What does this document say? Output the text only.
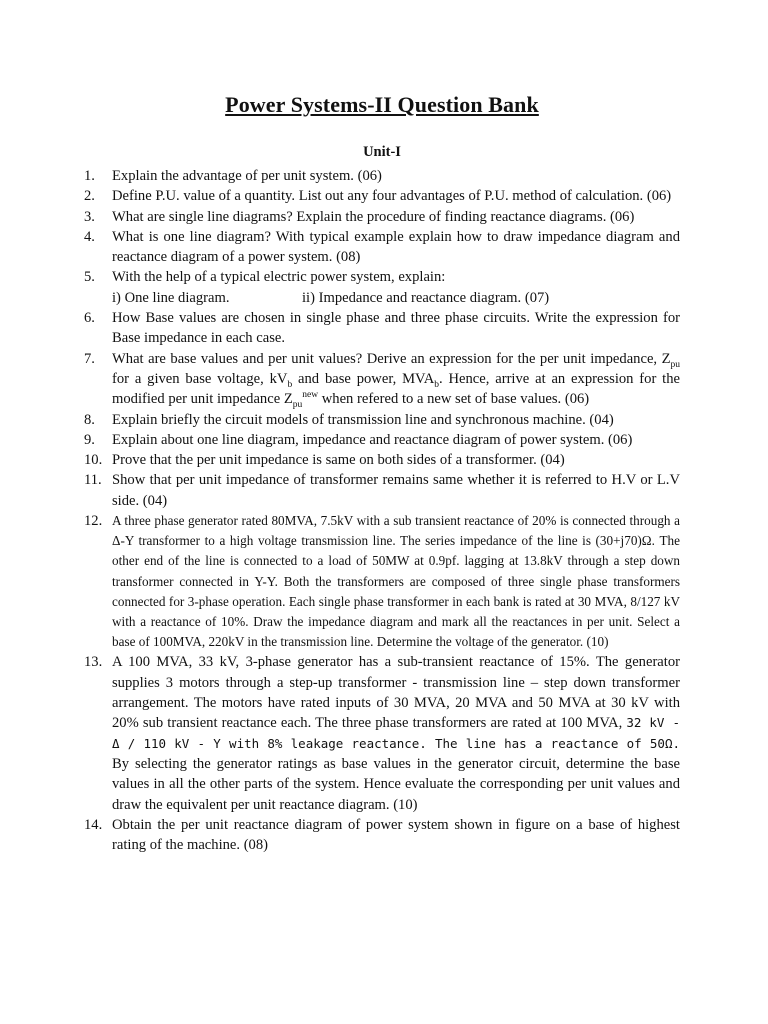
Power Systems-II Question Bank
Unit-I
1.	Explain the advantage of per unit system. (06)
2.	Define P.U. value of a quantity. List out any four advantages of P.U. method of calculation. (06)
3.	What are single line diagrams? Explain the procedure of finding reactance diagrams. (06)
4.	What is one line diagram? With typical example explain how to draw impedance diagram and reactance diagram of a power system. (08)
5.	With the help of a typical electric power system, explain:
i) One line diagram.	ii) Impedance and reactance diagram. (07)
6.	How Base values are chosen in single phase and three phase circuits. Write the expression for Base impedance in each case.
7.	What are base values and per unit values? Derive an expression for the per unit impedance, $Z_{pu}$ for a given base voltage, $kV_b$ and base power, $MVA_b$. Hence, arrive at an expression for the modified per unit impedance $Z_{pu}^{new}$ when refered to a new set of base values. (06)
8.	Explain briefly the circuit models of transmission line and synchronous machine. (04)
9.	Explain about one line diagram, impedance and reactance diagram of power system. (06)
10. Prove that the per unit impedance is same on both sides of a transformer. (04)
11. Show that per unit impedance of transformer remains same whether it is referred to H.V or L.V side. (04)
12. A three phase generator rated 80MVA, 7.5kV with a sub transient reactance of 20% is connected through a Δ-Y transformer to a high voltage transmission line. The series impedance of the line is (30+j70)Ω. The other end of the line is connected to a load of 50MW at 0.9pf. lagging at 13.8kV through a step down transformer connected in Y-Y. Both the transformers are composed of three single phase transformers connected for 3-phase operation. Each single phase transformer in each bank is rated at 30 MVA, 8/127 kV with a reactance of 10%. Draw the impedance diagram and mark all the reactances in per unit. Select a base of 100MVA, 220kV in the transmission line. Determine the voltage of the generator. (10)
13. A 100 MVA, 33 kV, 3-phase generator has a sub-transient reactance of 15%. The generator supplies 3 motors through a step-up transformer - transmission line – step down transformer arrangement. The motors have rated inputs of 30 MVA, 20 MVA and 50 MVA at 30 kV with 20% sub transient reactance each. The three phase transformers are rated at 100 MVA, 32 kV - Δ / 110 kV - Y with 8% leakage reactance. The line has a reactance of 50Ω. By selecting the generator ratings as base values in the generator circuit, determine the base values in all the other parts of the system. Hence evaluate the corresponding per unit values and draw the equivalent per unit reactance diagram. (10)
14. Obtain the per unit reactance diagram of power system shown in figure on a base of highest rating of the machine. (08)
